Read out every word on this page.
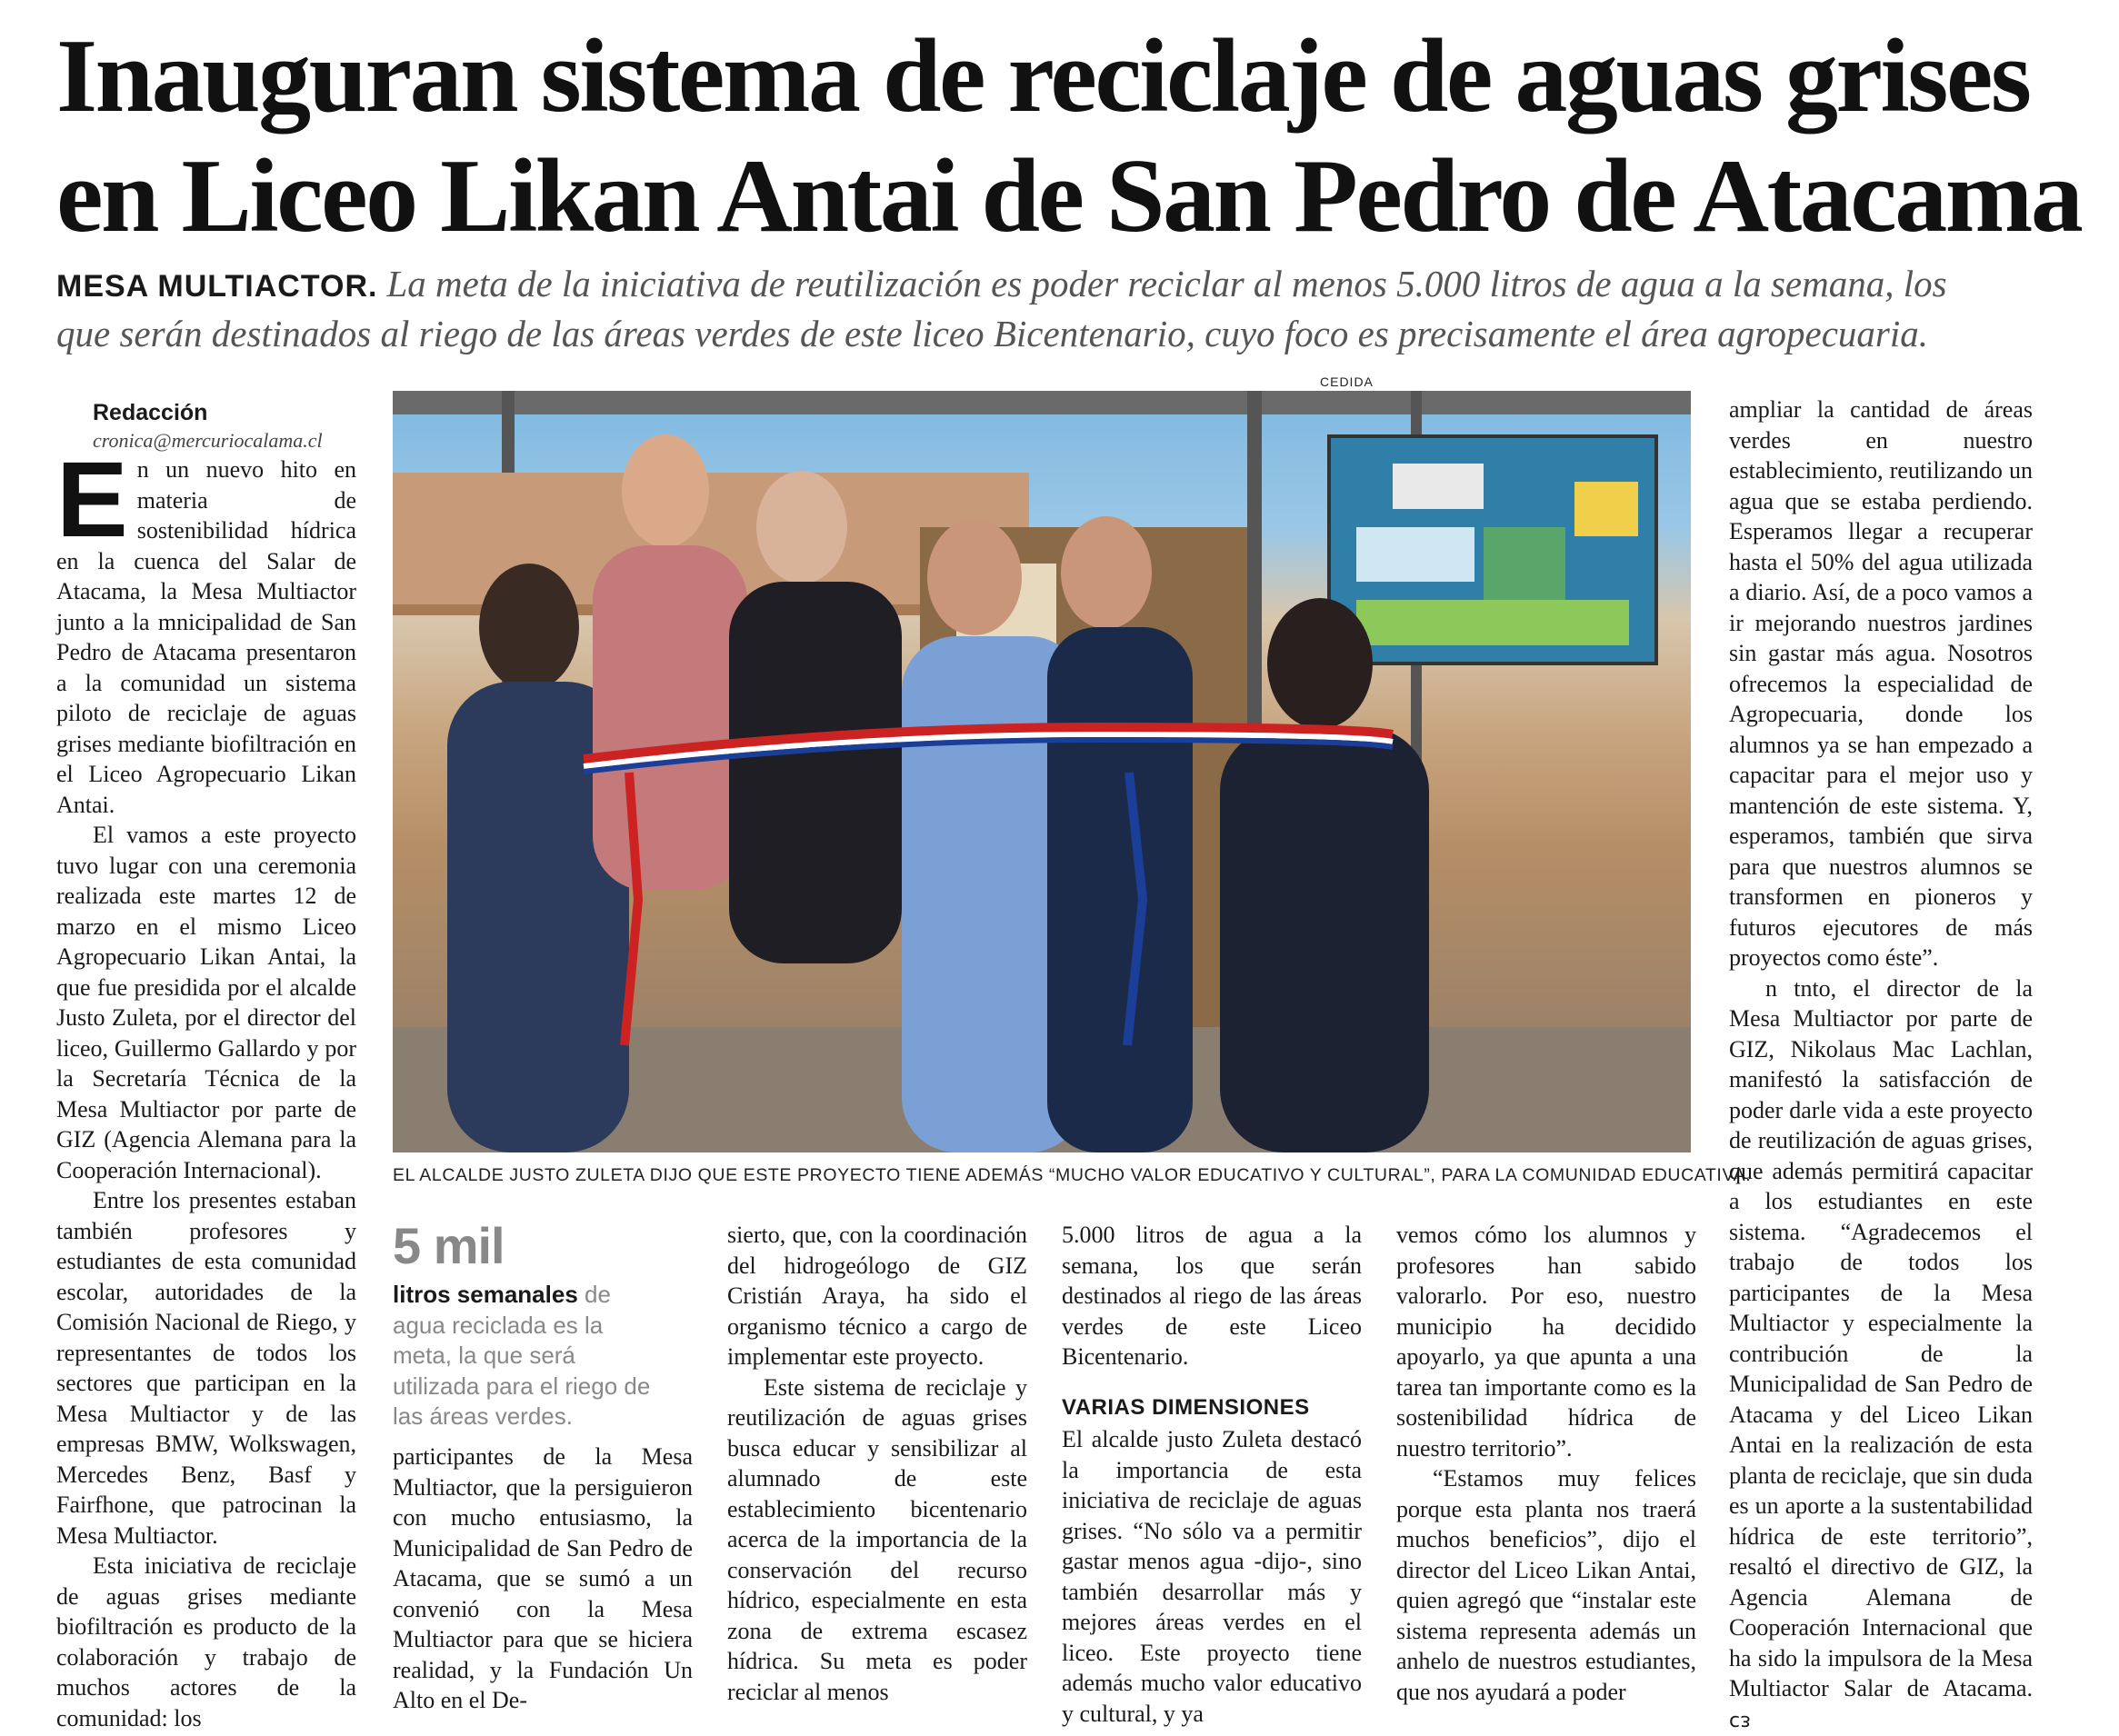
Inauguran sistema de reciclaje de aguas grises
en Liceo Likan Antai de San Pedro de Atacama
MESA MULTIACTOR. La meta de la iniciativa de reutilización es poder reciclar al menos 5.000 litros de agua a la semana, los que serán destinados al riego de las áreas verdes de este liceo Bicentenario, cuyo foco es precisamente el área agropecuaria.

Redacción

cronica@mercuriocalama.cl

En un nuevo hito en materia de sostenibilidad hídrica en la cuenca del Salar de Atacama, la Mesa Multiactor junto a la mnicipalidad de San Pedro de Atacama presentaron a la comunidad un sistema piloto de reciclaje de aguas grises mediante biofiltración en el Liceo Agropecuario Likan Antai.

El vamos a este proyecto tuvo lugar con una ceremonia realizada este martes 12 de marzo en el mismo Liceo Agropecuario Likan Antai, la que fue presidida por el alcalde Justo Zuleta, por el director del liceo, Guillermo Gallardo y por la Secretaría Técnica de la Mesa Multiactor por parte de GIZ (Agencia Alemana para la Cooperación Internacional).

Entre los presentes estaban también profesores y estudiantes de esta comunidad escolar, autoridades de la Comisión Nacional de Riego, y representantes de todos los sectores que participan en la Mesa Multiactor y de las empresas BMW, Wolkswagen, Mercedes Benz, Basf y Fairfhone, que patrocinan la Mesa Multiactor.

Esta iniciativa de reciclaje de aguas grises mediante biofiltración es producto de la colaboración y trabajo de muchos actores de la comunidad: los

CEDIDA
EL ALCALDE JUSTO ZULETA DIJO QUE ESTE PROYECTO TIENE ADEMÁS “MUCHO VALOR EDUCATIVO Y CULTURAL”, PARA LA COMUNIDAD EDUCATIVA.
5 mil
litros semanales de agua reciclada es la meta, la que será utilizada para el riego de las áreas verdes.

participantes de la Mesa Multiactor, que la persiguieron con mucho entusiasmo, la Municipalidad de San Pedro de Atacama, que se sumó a un convenió con la Mesa Multiactor para que se hiciera realidad, y la Fundación Un Alto en el De-

sierto, que, con la coordinación del hidrogeólogo de GIZ Cristián Araya, ha sido el organismo técnico a cargo de implementar este proyecto.

Este sistema de reciclaje y reutilización de aguas grises busca educar y sensibilizar al alumnado de este establecimiento bicentenario acerca de la importancia de la conservación del recurso hídrico, especialmente en esta zona de extrema escasez hídrica. Su meta es poder reciclar al menos

5.000 litros de agua a la semana, los que serán destinados al riego de las áreas verdes de este Liceo Bicentenario.

VARIAS DIMENSIONES

El alcalde justo Zuleta destacó la importancia de esta iniciativa de reciclaje de aguas grises. “No sólo va a permitir gastar menos agua -dijo-, sino también desarrollar más y mejores áreas verdes en el liceo. Este proyecto tiene además mucho valor educativo y cultural, y ya

vemos cómo los alumnos y profesores han sabido valorarlo. Por eso, nuestro municipio ha decidido apoyarlo, ya que apunta a una tarea tan importante como es la sostenibilidad hídrica de nuestro territorio”.

“Estamos muy felices porque esta planta nos traerá muchos beneficios”, dijo el director del Liceo Likan Antai, quien agregó que “instalar este sistema representa además un anhelo de nuestros estudiantes, que nos ayudará a poder

ampliar la cantidad de áreas verdes en nuestro establecimiento, reutilizando un agua que se estaba perdiendo. Esperamos llegar a recuperar hasta el 50% del agua utilizada a diario. Así, de a poco vamos a ir mejorando nuestros jardines sin gastar más agua. Nosotros ofrecemos la especialidad de Agropecuaria, donde los alumnos ya se han empezado a capacitar para el mejor uso y mantención de este sistema. Y, esperamos, también que sirva para que nuestros alumnos se transformen en pioneros y futuros ejecutores de más proyectos como éste”.

n tnto, el director de la Mesa Multiactor por parte de GIZ, Nikolaus Mac Lachlan, manifestó la satisfacción de poder darle vida a este proyecto de reutilización de aguas grises, que además permitirá capacitar a los estudiantes en este sistema. “Agradecemos el trabajo de todos los participantes de la Mesa Multiactor y especialmente la contribución de la Municipalidad de San Pedro de Atacama y del Liceo Likan Antai en la realización de esta planta de reciclaje, que sin duda es un aporte a la sustentabilidad hídrica de este territorio”, resaltó el directivo de GIZ, la Agencia Alemana de Cooperación Internacional que ha sido la impulsora de la Mesa Multiactor Salar de Atacama. ᴄᴈ
